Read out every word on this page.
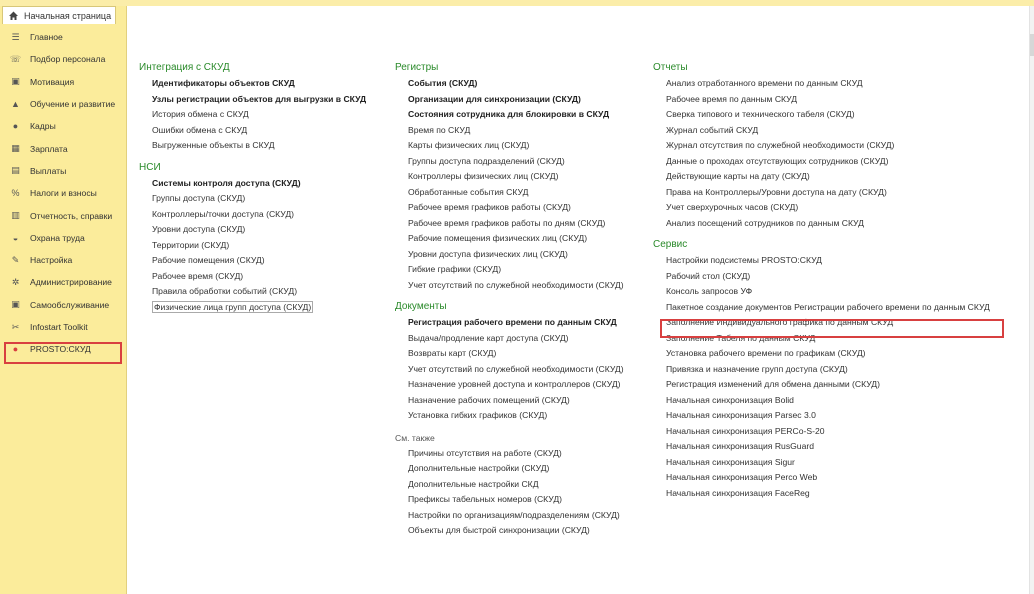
Начальная страница
☰ Главное
☏ Подбор персонала
▣ Мотивация
▲ Обучение и развитие
●	Кадры
▦ Зарплата
▤ Выплаты
% Налоги и взносы
▥ Отчетность, справки
◒	Охрана труда
✎ Настройка
✲ Администрирование
▣ Самообслуживание
✂ Infostart Toolkit
●	PROSTO:СКУД
Интеграция с СКУД
Идентификаторы объектов СКУД
Узлы регистрации объектов для выгрузки в СКУД
История обмена с СКУД
Ошибки обмена с СКУД
Выгруженные объекты в СКУД
НСИ
Системы контроля доступа (СКУД)
Группы доступа (СКУД)
Контроллеры/точки доступа (СКУД)
Уровни доступа (СКУД)
Территории (СКУД)
Рабочие помещения (СКУД)
Рабочее время (СКУД)
Правила обработки событий (СКУД)
Физические лица групп доступа (СКУД)
Регистры
События (СКУД)
Организации для синхронизации (СКУД)
Состояния сотрудника для блокировки в СКУД
Время по СКУД
Карты физических лиц (СКУД)
Группы доступа подразделений (СКУД)
Контроллеры физических лиц (СКУД)
Обработанные события СКУД
Рабочее время графиков работы (СКУД)
Рабочее время графиков работы по дням (СКУД)
Рабочие помещения физических лиц (СКУД)
Уровни доступа физических лиц (СКУД)
Гибкие графики (СКУД)
Учет отсутствий по служебной необходимости (СКУД)
Документы
Регистрация рабочего времени по данным СКУД
Выдача/продление карт доступа (СКУД)
Возвраты карт (СКУД)
Учет отсутствий по служебной необходимости (СКУД)
Назначение уровней доступа и контроллеров (СКУД)
Назначение рабочих помещений (СКУД)
Установка гибких графиков (СКУД)
См. также
Причины отсутствия на работе (СКУД)
Дополнительные настройки (СКУД)
Дополнительные настройки СКД
Префиксы табельных номеров (СКУД)
Настройки по организациям/подразделениям (СКУД)
Объекты для быстрой синхронизации (СКУД)
Отчеты
Анализ отработанного времени по данным СКУД
Рабочее время по данным СКУД
Сверка типового и технического табеля (СКУД)
Журнал событий СКУД
Журнал отсутствия по служебной необходимости (СКУД)
Данные о проходах отсутствующих сотрудников (СКУД)
Действующие карты на дату (СКУД)
Права на Контроллеры/Уровни доступа на дату (СКУД)
Учет сверхурочных часов (СКУД)
Анализ посещений сотрудников по данным СКУД
Сервис
Настройки подсистемы PROSTO:СКУД
Рабочий стол (СКУД)
Консоль запросов УФ
Пакетное создание документов Регистрации рабочего времени по данным СКУД
Заполнение Индивидуального графика по данным СКУД
Заполнение Табеля по данным СКУД
Установка рабочего времени по графикам (СКУД)
Привязка и назначение групп доступа (СКУД)
Регистрация изменений для обмена данными (СКУД)
Начальная синхронизация Bolid
Начальная синхронизация Parsec 3.0
Начальная синхронизация PERCo-S-20
Начальная синхронизация RusGuard
Начальная синхронизация Sigur
Начальная синхронизация Perco Web
Начальная синхронизация FaceReg
